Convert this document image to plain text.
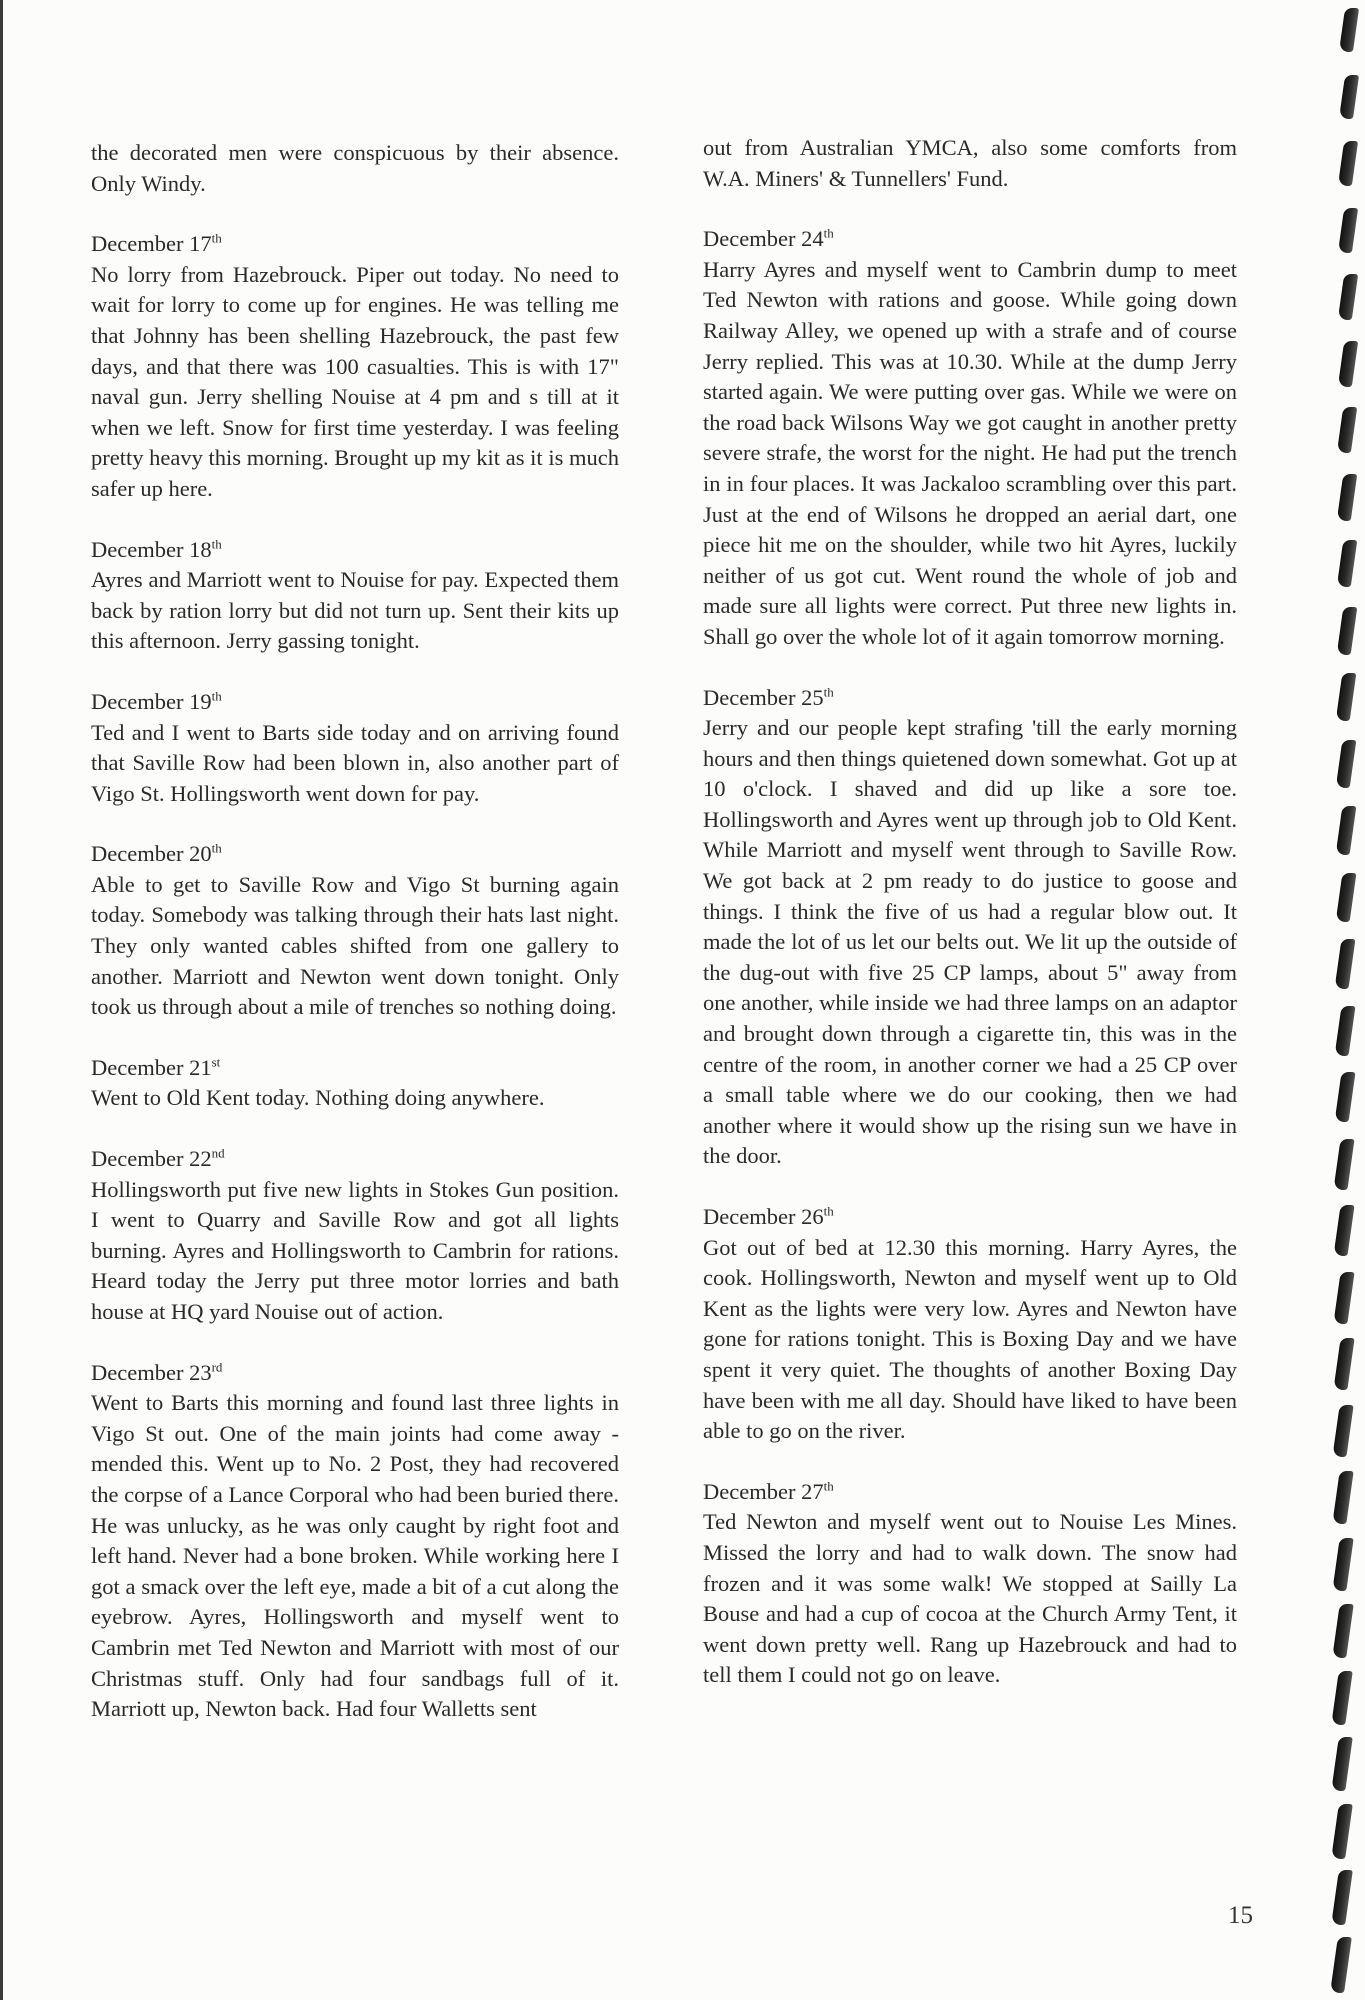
the decorated men were conspicuous by their absence. Only Windy.

December 17th

No lorry from Hazebrouck. Piper out today. No need to wait for lorry to come up for engines. He was telling me that Johnny has been shelling Hazebrouck, the past few days, and that there was 100 casualties. This is with 17" naval gun. Jerry shelling Nouise at 4 pm and s till at it when we left. Snow for first time yesterday. I was feeling pretty heavy this morning. Brought up my kit as it is much safer up here.

December 18th

Ayres and Marriott went to Nouise for pay. Expected them back by ration lorry but did not turn up. Sent their kits up this afternoon. Jerry gassing tonight.

December 19th

Ted and I went to Barts side today and on arriving found that Saville Row had been blown in, also another part of Vigo St. Hollingsworth went down for pay.

December 20th

Able to get to Saville Row and Vigo St burning again today. Somebody was talking through their hats last night. They only wanted cables shifted from one gallery to another. Marriott and Newton went down tonight. Only took us through about a mile of trenches so nothing doing.

December 21st

Went to Old Kent today. Nothing doing anywhere.

December 22nd

Hollingsworth put five new lights in Stokes Gun position. I went to Quarry and Saville Row and got all lights burning. Ayres and Hollingsworth to Cambrin for rations. Heard today the Jerry put three motor lorries and bath house at HQ yard Nouise out of action.

December 23rd

Went to Barts this morning and found last three lights in Vigo St out. One of the main joints had come away - mended this. Went up to No. 2 Post, they had recovered the corpse of a Lance Corporal who had been buried there. He was unlucky, as he was only caught by right foot and left hand. Never had a bone broken. While working here I got a smack over the left eye, made a bit of a cut along the eyebrow. Ayres, Hollingsworth and myself went to Cambrin met Ted Newton and Marriott with most of our Christmas stuff. Only had four sandbags full of it. Marriott up, Newton back. Had four Walletts sent

out from Australian YMCA, also some comforts from W.A. Miners' & Tunnellers' Fund.

December 24th

Harry Ayres and myself went to Cambrin dump to meet Ted Newton with rations and goose. While going down Railway Alley, we opened up with a strafe and of course Jerry replied. This was at 10.30. While at the dump Jerry started again. We were putting over gas. While we were on the road back Wilsons Way we got caught in another pretty severe strafe, the worst for the night. He had put the trench in in four places. It was Jackaloo scrambling over this part. Just at the end of Wilsons he dropped an aerial dart, one piece hit me on the shoulder, while two hit Ayres, luckily neither of us got cut. Went round the whole of job and made sure all lights were correct. Put three new lights in. Shall go over the whole lot of it again tomorrow morning.

December 25th

Jerry and our people kept strafing 'till the early morning hours and then things quietened down somewhat. Got up at 10 o'clock. I shaved and did up like a sore toe. Hollingsworth and Ayres went up through job to Old Kent. While Marriott and myself went through to Saville Row. We got back at 2 pm ready to do justice to goose and things. I think the five of us had a regular blow out. It made the lot of us let our belts out. We lit up the outside of the dug-out with five 25 CP lamps, about 5" away from one another, while inside we had three lamps on an adaptor and brought down through a cigarette tin, this was in the centre of the room, in another corner we had a 25 CP over a small table where we do our cooking, then we had another where it would show up the rising sun we have in the door.

December 26th

Got out of bed at 12.30 this morning. Harry Ayres, the cook. Hollingsworth, Newton and myself went up to Old Kent as the lights were very low. Ayres and Newton have gone for rations tonight. This is Boxing Day and we have spent it very quiet. The thoughts of another Boxing Day have been with me all day. Should have liked to have been able to go on the river.

December 27th

Ted Newton and myself went out to Nouise Les Mines. Missed the lorry and had to walk down. The snow had frozen and it was some walk! We stopped at Sailly La Bouse and had a cup of cocoa at the Church Army Tent, it went down pretty well. Rang up Hazebrouck and had to tell them I could not go on leave.

15
